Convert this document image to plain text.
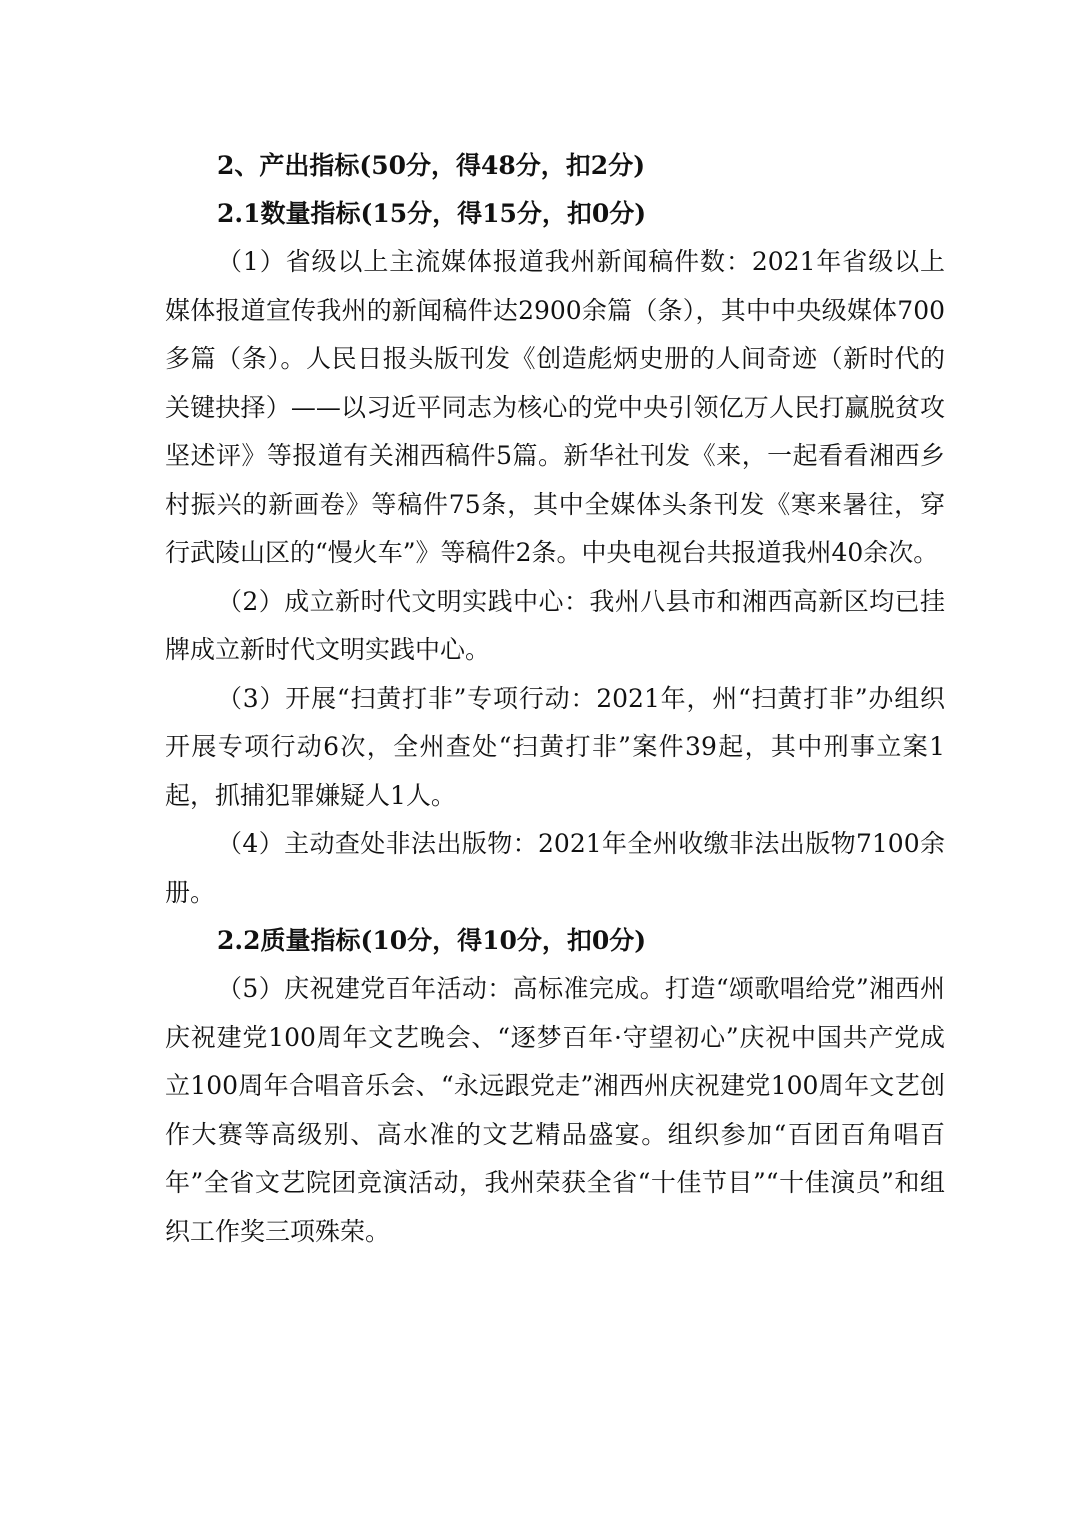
2、产出指标(50分，得48分，扣2分)

2.1数量指标(15分，得15分，扣0分)

（1）省级以上主流媒体报道我州新闻稿件数：2021年省级以上媒体报道宣传我州的新闻稿件达2900余篇（条），其中中央级媒体700多篇（条）。人民日报头版刊发《创造彪炳史册的人间奇迹（新时代的关键抉择）——以习近平同志为核心的党中央引领亿万人民打赢脱贫攻坚述评》等报道有关湘西稿件5篇。新华社刊发《来，一起看看湘西乡村振兴的新画卷》等稿件75条，其中全媒体头条刊发《寒来暑往，穿行武陵山区的“慢火车”》等稿件2条。中央电视台共报道我州40余次。

（2）成立新时代文明实践中心：我州八县市和湘西高新区均已挂牌成立新时代文明实践中心。

（3）开展“扫黄打非”专项行动：2021年，州“扫黄打非”办组织开展专项行动6次，全州查处“扫黄打非”案件39起，其中刑事立案1起，抓捕犯罪嫌疑人1人。

（4）主动查处非法出版物：2021年全州收缴非法出版物7100余册。

2.2质量指标(10分，得10分，扣0分)

（5）庆祝建党百年活动：高标准完成。打造“颂歌唱给党”湘西州庆祝建党100周年文艺晚会、“逐梦百年·守望初心”庆祝中国共产党成立100周年合唱音乐会、“永远跟党走”湘西州庆祝建党100周年文艺创作大赛等高级别、高水准的文艺精品盛宴。组织参加“百团百角唱百年”全省文艺院团竞演活动，我州荣获全省“十佳节目”“十佳演员”和组织工作奖三项殊荣。
